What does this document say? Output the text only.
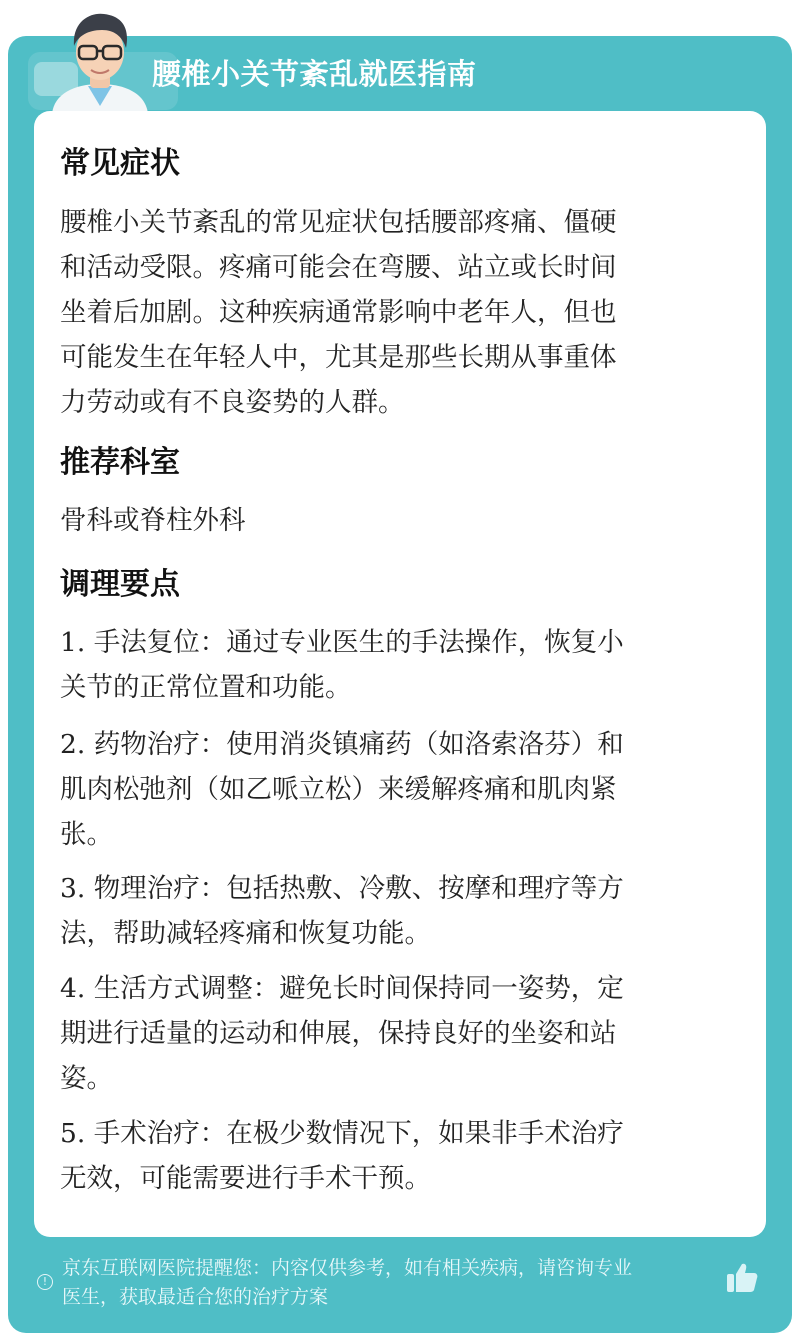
腰椎小关节紊乱就医指南
常见症状
腰椎小关节紊乱的常见症状包括腰部疼痛、僵硬
和活动受限。疼痛可能会在弯腰、站立或长时间
坐着后加剧。这种疾病通常影响中老年人，但也
可能发生在年轻人中，尤其是那些长期从事重体
力劳动或有不良姿势的人群。
推荐科室
骨科或脊柱外科
调理要点
1. 手法复位：通过专业医生的手法操作，恢复小
关节的正常位置和功能。
2. 药物治疗：使用消炎镇痛药（如洛索洛芬）和
肌肉松弛剂（如乙哌立松）来缓解疼痛和肌肉紧
张。
3. 物理治疗：包括热敷、冷敷、按摩和理疗等方
法，帮助减轻疼痛和恢复功能。
4. 生活方式调整：避免长时间保持同一姿势，定
期进行适量的运动和伸展，保持良好的坐姿和站
姿。
5. 手术治疗：在极少数情况下，如果非手术治疗
无效，可能需要进行手术干预。
!
京东互联网医院提醒您：内容仅供参考，如有相关疾病，请咨询专业
医生，获取最适合您的治疗方案
